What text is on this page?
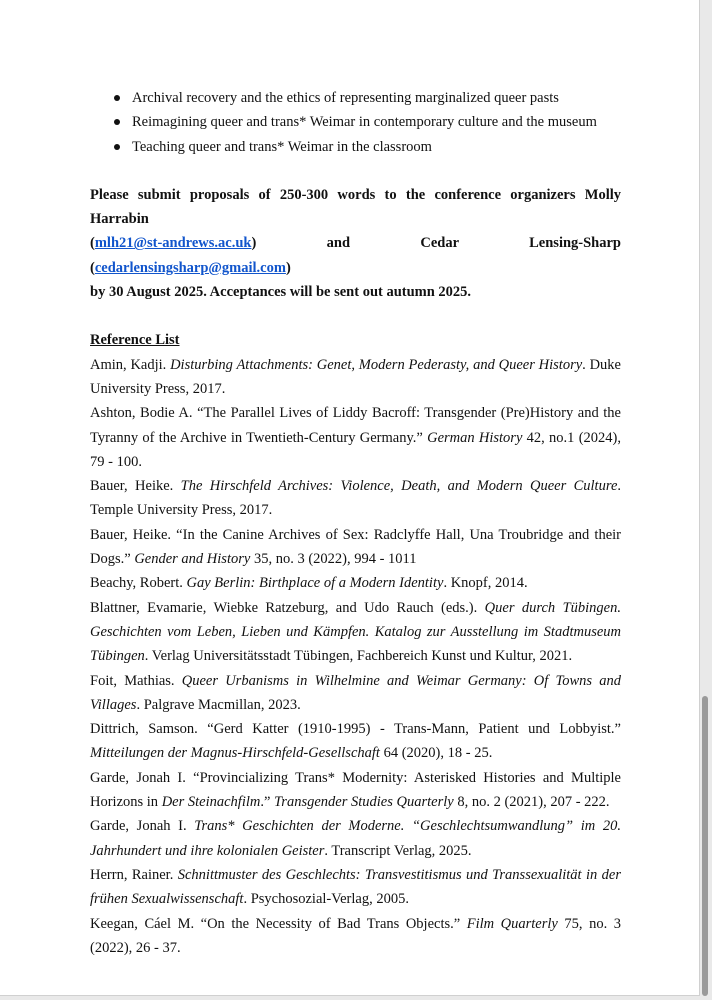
Archival recovery and the ethics of representing marginalized queer pasts
Reimagining queer and trans* Weimar in contemporary culture and the museum
Teaching queer and trans* Weimar in the classroom
Please submit proposals of 250-300 words to the conference organizers Molly Harrabin
(mlh21@st-andrews.ac.uk) and Cedar Lensing-Sharp (cedarlensingsharp@gmail.com)
by 30 August 2025. Acceptances will be sent out autumn 2025.
Reference List
Amin, Kadji. Disturbing Attachments: Genet, Modern Pederasty, and Queer History. Duke University Press, 2017.
Ashton, Bodie A. “The Parallel Lives of Liddy Bacroff: Transgender (Pre)History and the Tyranny of the Archive in Twentieth-Century Germany.” German History 42, no.1 (2024), 79 - 100.
Bauer, Heike. The Hirschfeld Archives: Violence, Death, and Modern Queer Culture. Temple University Press, 2017.
Bauer, Heike. “In the Canine Archives of Sex: Radclyffe Hall, Una Troubridge and their Dogs.” Gender and History 35, no. 3 (2022), 994 - 1011
Beachy, Robert. Gay Berlin: Birthplace of a Modern Identity. Knopf, 2014.
Blattner, Evamarie, Wiebke Ratzeburg, and Udo Rauch (eds.). Quer durch Tübingen. Geschichten vom Leben, Lieben und Kämpfen. Katalog zur Ausstellung im Stadtmuseum Tübingen. Verlag Universitätsstadt Tübingen, Fachbereich Kunst und Kultur, 2021.
Foit, Mathias. Queer Urbanisms in Wilhelmine and Weimar Germany: Of Towns and Villages. Palgrave Macmillan, 2023.
Dittrich, Samson. “Gerd Katter (1910-1995) - Trans-Mann, Patient und Lobbyist.” Mitteilungen der Magnus-Hirschfeld-Gesellschaft 64 (2020), 18 - 25.
Garde, Jonah I. “Provincializing Trans* Modernity: Asterisked Histories and Multiple Horizons in Der Steinachfilm.” Transgender Studies Quarterly 8, no. 2 (2021), 207 - 222.
Garde, Jonah I. Trans* Geschichten der Moderne. “Geschlechtsumwandlung” im 20. Jahrhundert und ihre kolonialen Geister. Transcript Verlag, 2025.
Herrn, Rainer. Schnittmuster des Geschlechts: Transvestitismus und Transsexualität in der frühen Sexualwissenschaft. Psychosozial-Verlag, 2005.
Keegan, Cáel M. “On the Necessity of Bad Trans Objects.” Film Quarterly 75, no. 3 (2022), 26 - 37.
